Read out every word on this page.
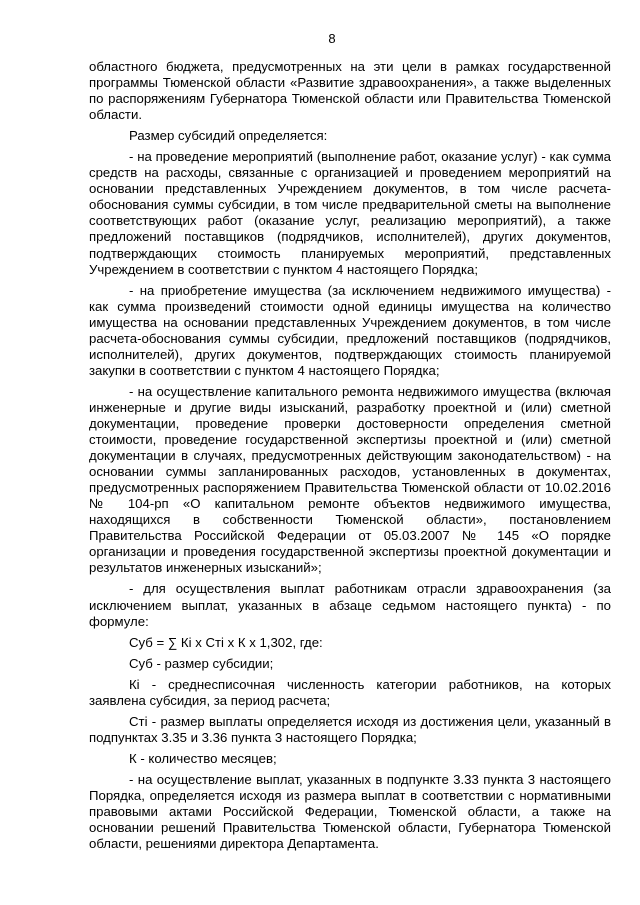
8

областного бюджета, предусмотренных на эти цели в рамках государственной программы Тюменской области «Развитие здравоохранения», а также выделенных по распоряжениям Губернатора Тюменской области или Правительства Тюменской области.

Размер субсидий определяется:

- на проведение мероприятий (выполнение работ, оказание услуг) - как сумма средств на расходы, связанные с организацией и проведением мероприятий на основании представленных Учреждением документов, в том числе расчета-обоснования суммы субсидии, в том числе предварительной сметы на выполнение соответствующих работ (оказание услуг, реализацию мероприятий), а также предложений поставщиков (подрядчиков, исполнителей), других документов, подтверждающих стоимость планируемых мероприятий, представленных Учреждением в соответствии с пунктом 4 настоящего Порядка;

- на приобретение имущества (за исключением недвижимого имущества) - как сумма произведений стоимости одной единицы имущества на количество имущества на основании представленных Учреждением документов, в том числе расчета-обоснования суммы субсидии, предложений поставщиков (подрядчиков, исполнителей), других документов, подтверждающих стоимость планируемой закупки в соответствии с пунктом 4 настоящего Порядка;

- на осуществление капитального ремонта недвижимого имущества (включая инженерные и другие виды изысканий, разработку проектной и (или) сметной документации, проведение проверки достоверности определения сметной стоимости, проведение государственной экспертизы проектной и (или) сметной документации в случаях, предусмотренных действующим законодательством) - на основании суммы запланированных расходов, установленных в документах, предусмотренных распоряжением Правительства Тюменской области от 10.02.2016 № 104-рп «О капитальном ремонте объектов недвижимого имущества, находящихся в собственности Тюменской области», постановлением Правительства Российской Федерации от 05.03.2007 № 145 «О порядке организации и проведения государственной экспертизы проектной документации и результатов инженерных изысканий»;

- для осуществления выплат работникам отрасли здравоохранения (за исключением выплат, указанных в абзаце седьмом настоящего пункта) - по формуле:

Суб = ∑ Кi х Сті х К х 1,302, где:

Суб - размер субсидии;

Кi - среднесписочная численность категории работников, на которых заявлена субсидия, за период расчета;

Сті - размер выплаты определяется исходя из достижения цели, указанный в подпунктах 3.35 и 3.36 пункта 3 настоящего Порядка;

К - количество месяцев;

- на осуществление выплат, указанных в подпункте 3.33 пункта 3 настоящего Порядка, определяется исходя из размера выплат в соответствии с нормативными правовыми актами Российской Федерации, Тюменской области, а также на основании решений Правительства Тюменской области, Губернатора Тюменской области, решениями директора Департамента.
